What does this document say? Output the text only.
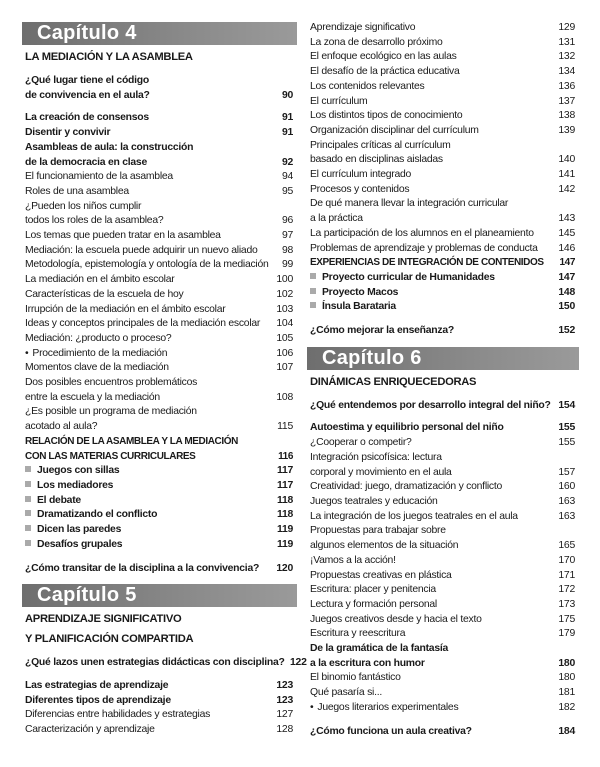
Capítulo 4
LA MEDIACIÓN Y LA ASAMBLEA
¿Qué lugar tiene el código
de convivencia en el aula?	90
La creación de consensos	91
Disentir y convivir	91
Asambleas de aula: la construcción
de la democracia en clase	92
El funcionamiento de la asamblea	94
Roles de una asamblea	95
¿Pueden los niños cumplir
todos los roles de la asamblea?	96
Los temas que pueden tratar en la asamblea	97
Mediación: la escuela puede adquirir un nuevo aliado	98
Metodología, epistemología y ontología de la mediación	99
La mediación en el ámbito escolar	100
Características de la escuela de hoy	102
Irrupción de la mediación en el ámbito escolar	103
Ideas y conceptos principales de la mediación escolar	104
Mediación: ¿producto o proceso?	105
• Procedimiento de la mediación	106
Momentos clave de la mediación	107
Dos posibles encuentros problemáticos
entre la escuela y la mediación	108
¿Es posible un programa de mediación
acotado al aula?	115
RELACIÓN DE LA ASAMBLEA Y LA MEDIACIÓN
CON LAS MATERIAS CURRICULARES	116
Juegos con sillas	117
Los mediadores	117
El debate	118
Dramatizando el conflicto	118
Dicen las paredes	119
Desafíos grupales	119
¿Cómo transitar de la disciplina a la convivencia?	120
Capítulo 5
APRENDIZAJE SIGNIFICATIVO
Y PLANIFICACIÓN COMPARTIDA
¿Qué lazos unen estrategias didácticas con disciplina? 122
Las estrategias de aprendizaje	123
Diferentes tipos de aprendizaje	123
Diferencias entre habilidades y estrategias	127
Caracterización y aprendizaje	128
Aprendizaje significativo	129
La zona de desarrollo próximo	131
El enfoque ecológico en las aulas	132
El desafío de la práctica educativa	134
Los contenidos relevantes	136
El currículum	137
Los distintos tipos de conocimiento	138
Organización disciplinar del currículum	139
Principales críticas al currículum
basado en disciplinas aisladas	140
El currículum integrado	141
Procesos y contenidos	142
De qué manera llevar la integración curricular
a la práctica	143
La participación de los alumnos en el planeamiento	145
Problemas de aprendizaje y problemas de conducta	146
EXPERIENCIAS DE INTEGRACIÓN DE CONTENIDOS	147
Proyecto curricular de Humanidades	147
Proyecto Macos	148
Ínsula Barataria	150
¿Cómo mejorar la enseñanza?	152
Capítulo 6
DINÁMICAS ENRIQUECEDORAS
¿Qué entendemos por desarrollo integral del niño? 154
Autoestima y equilibrio personal del niño	155
¿Cooperar o competir?	155
Integración psicofísica: lectura
corporal y movimiento en el aula	157
Creatividad: juego, dramatización y conflicto	160
Juegos teatrales y educación	163
La integración de los juegos teatrales en el aula	163
Propuestas para trabajar sobre
algunos elementos de la situación	165
¡Vamos a la acción!	170
Propuestas creativas en plástica	171
Escritura: placer y penitencia	172
Lectura y formación personal	173
Juegos creativos desde y hacia el texto	175
Escritura y reescritura	179
De la gramática de la fantasía
a la escritura con humor	180
El binomio fantástico	180
Qué pasaría si...	181
• Juegos literarios experimentales	182
¿Cómo funciona un aula creativa?	184
